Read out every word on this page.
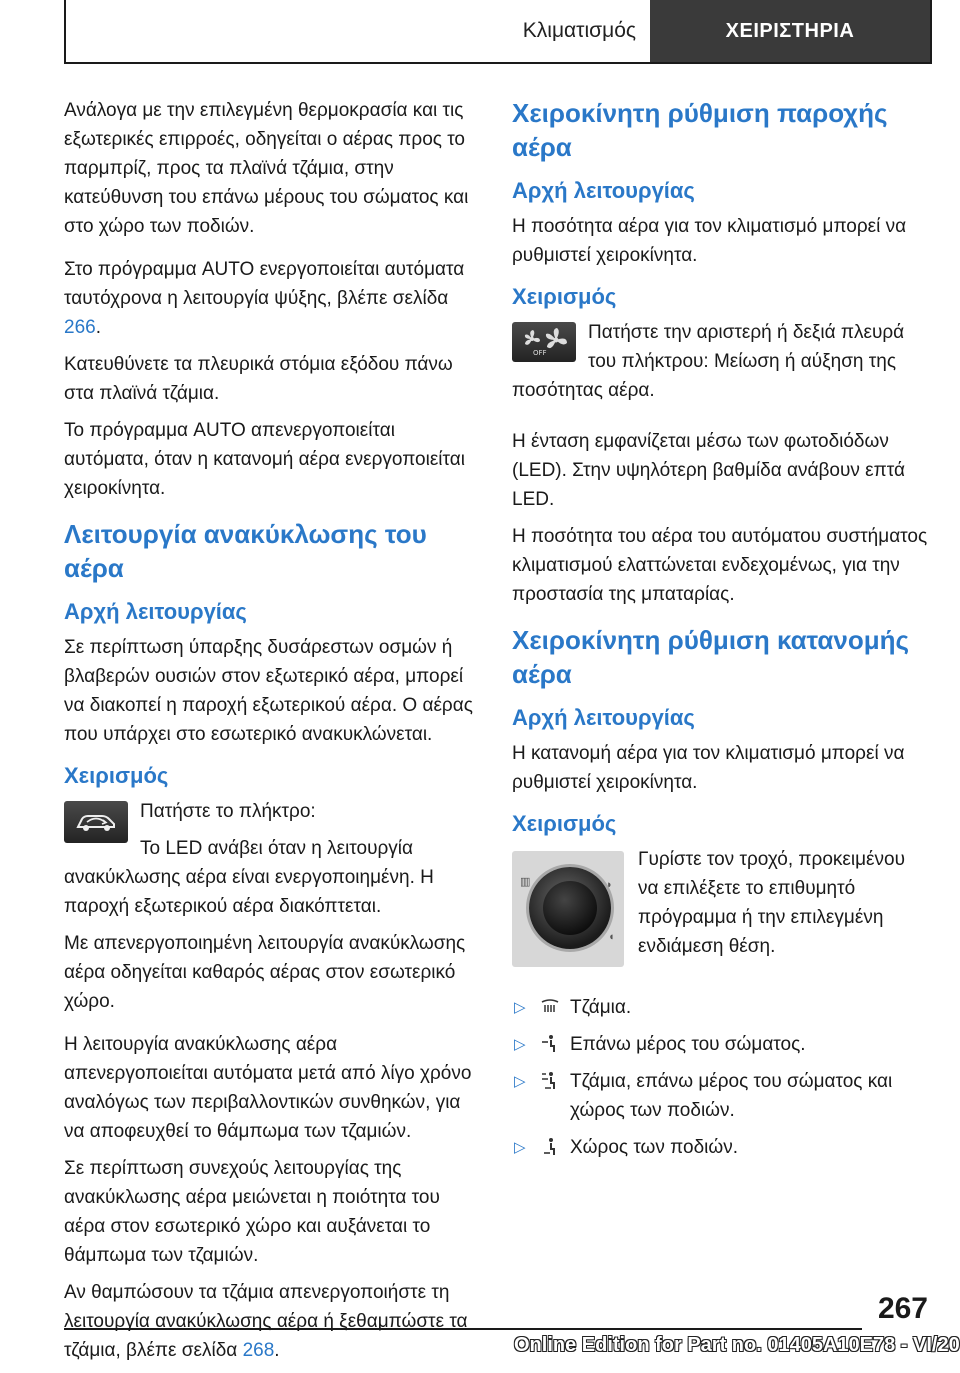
Κλιματισμός	ΧΕΙΡΙΣΤΗΡΙΑ

Ανάλογα με την επιλεγμένη θερμοκρασία και τις εξωτερικές επιρροές, οδηγείται ο αέρας προς το παρμπρίζ, προς τα πλαϊνά τζάμια, στην κατεύθυνση του επάνω μέρους του σώματος και στο χώρο των ποδιών.

Στο πρόγραμμα AUTO ενεργοποιείται αυτόματα ταυτόχρονα η λειτουργία ψύξης, βλέπε σελίδα 266.

Κατευθύνετε τα πλευρικά στόμια εξόδου πάνω στα πλαϊνά τζάμια.

Το πρόγραμμα AUTO απενεργοποιείται αυτόματα, όταν η κατανομή αέρα ενεργοποιείται χειροκίνητα.

Λειτουργία ανακύκλωσης του αέρα
Αρχή λειτουργίας

Σε περίπτωση ύπαρξης δυσάρεστων οσμών ή βλαβερών ουσιών στον εξωτερικό αέρα, μπορεί να διακοπεί η παροχή εξωτερικού αέρα. Ο αέρας που υπάρχει στο εσωτερικό ανακυκλώνεται.

Χειρισμός

Πατήστε το πλήκτρο:

Το LED ανάβει όταν η λειτουργία ανακύκλωσης αέρα είναι ενεργοποιημένη. Η παροχή εξωτερικού αέρα διακόπτεται.

Με απενεργοποιημένη λειτουργία ανακύκλωσης αέρα οδηγείται καθαρός αέρας στον εσωτερικό χώρο.

Η λειτουργία ανακύκλωσης αέρα απενεργοποιείται αυτόματα μετά από λίγο χρόνο αναλόγως των περιβαλλοντικών συνθηκών, για να αποφευχθεί το θάμπωμα των τζαμιών.

Σε περίπτωση συνεχούς λειτουργίας της ανακύκλωσης αέρα μειώνεται η ποιότητα του αέρα στον εσωτερικό χώρο και αυξάνεται το θάμπωμα των τζαμιών.

Αν θαμπώσουν τα τζάμια απενεργοποιήστε τη λειτουργία ανακύκλωσης αέρα ή ξεθαμπώστε τα τζάμια, βλέπε σελίδα 268.

Χειροκίνητη ρύθμιση παροχής αέρα
Αρχή λειτουργίας

Η ποσότητα αέρα για τον κλιματισμό μπορεί να ρυθμιστεί χειροκίνητα.

Χειρισμός
OFF

Πατήστε την αριστερή ή δεξιά πλευρά του πλήκτρου: Μείωση ή αύξηση της ποσότητας αέρα.

Η ένταση εμφανίζεται μέσω των φωτοδιόδων (LED). Στην υψηλότερη βαθμίδα ανάβουν επτά LED.

Η ποσότητα του αέρα του αυτόματου συστήματος κλιματισμού ελαττώνεται ενδεχομένως, για την προστασία της μπαταρίας.

Χειροκίνητη ρύθμιση κατανομής αέρα
Αρχή λειτουργίας

Η κατανομή αέρα για τον κλιματισμό μπορεί να ρυθμιστεί χειροκίνητα.

Χειρισμός
▥	◗
◖

Γυρίστε τον τροχό, προκειμένου να επιλέξετε το επιθυμητό πρόγραμμα ή την επιλεγμένη ενδιάμεση θέση.

▷ Τζάμια.
▷ Επάνω μέρος του σώματος.
▷ Τζάμια, επάνω μέρος του σώματος και χώρος των ποδιών.
▷ Χώρος των ποδιών.
267
Online Edition for Part no. 01405A10E78 - VI/20
